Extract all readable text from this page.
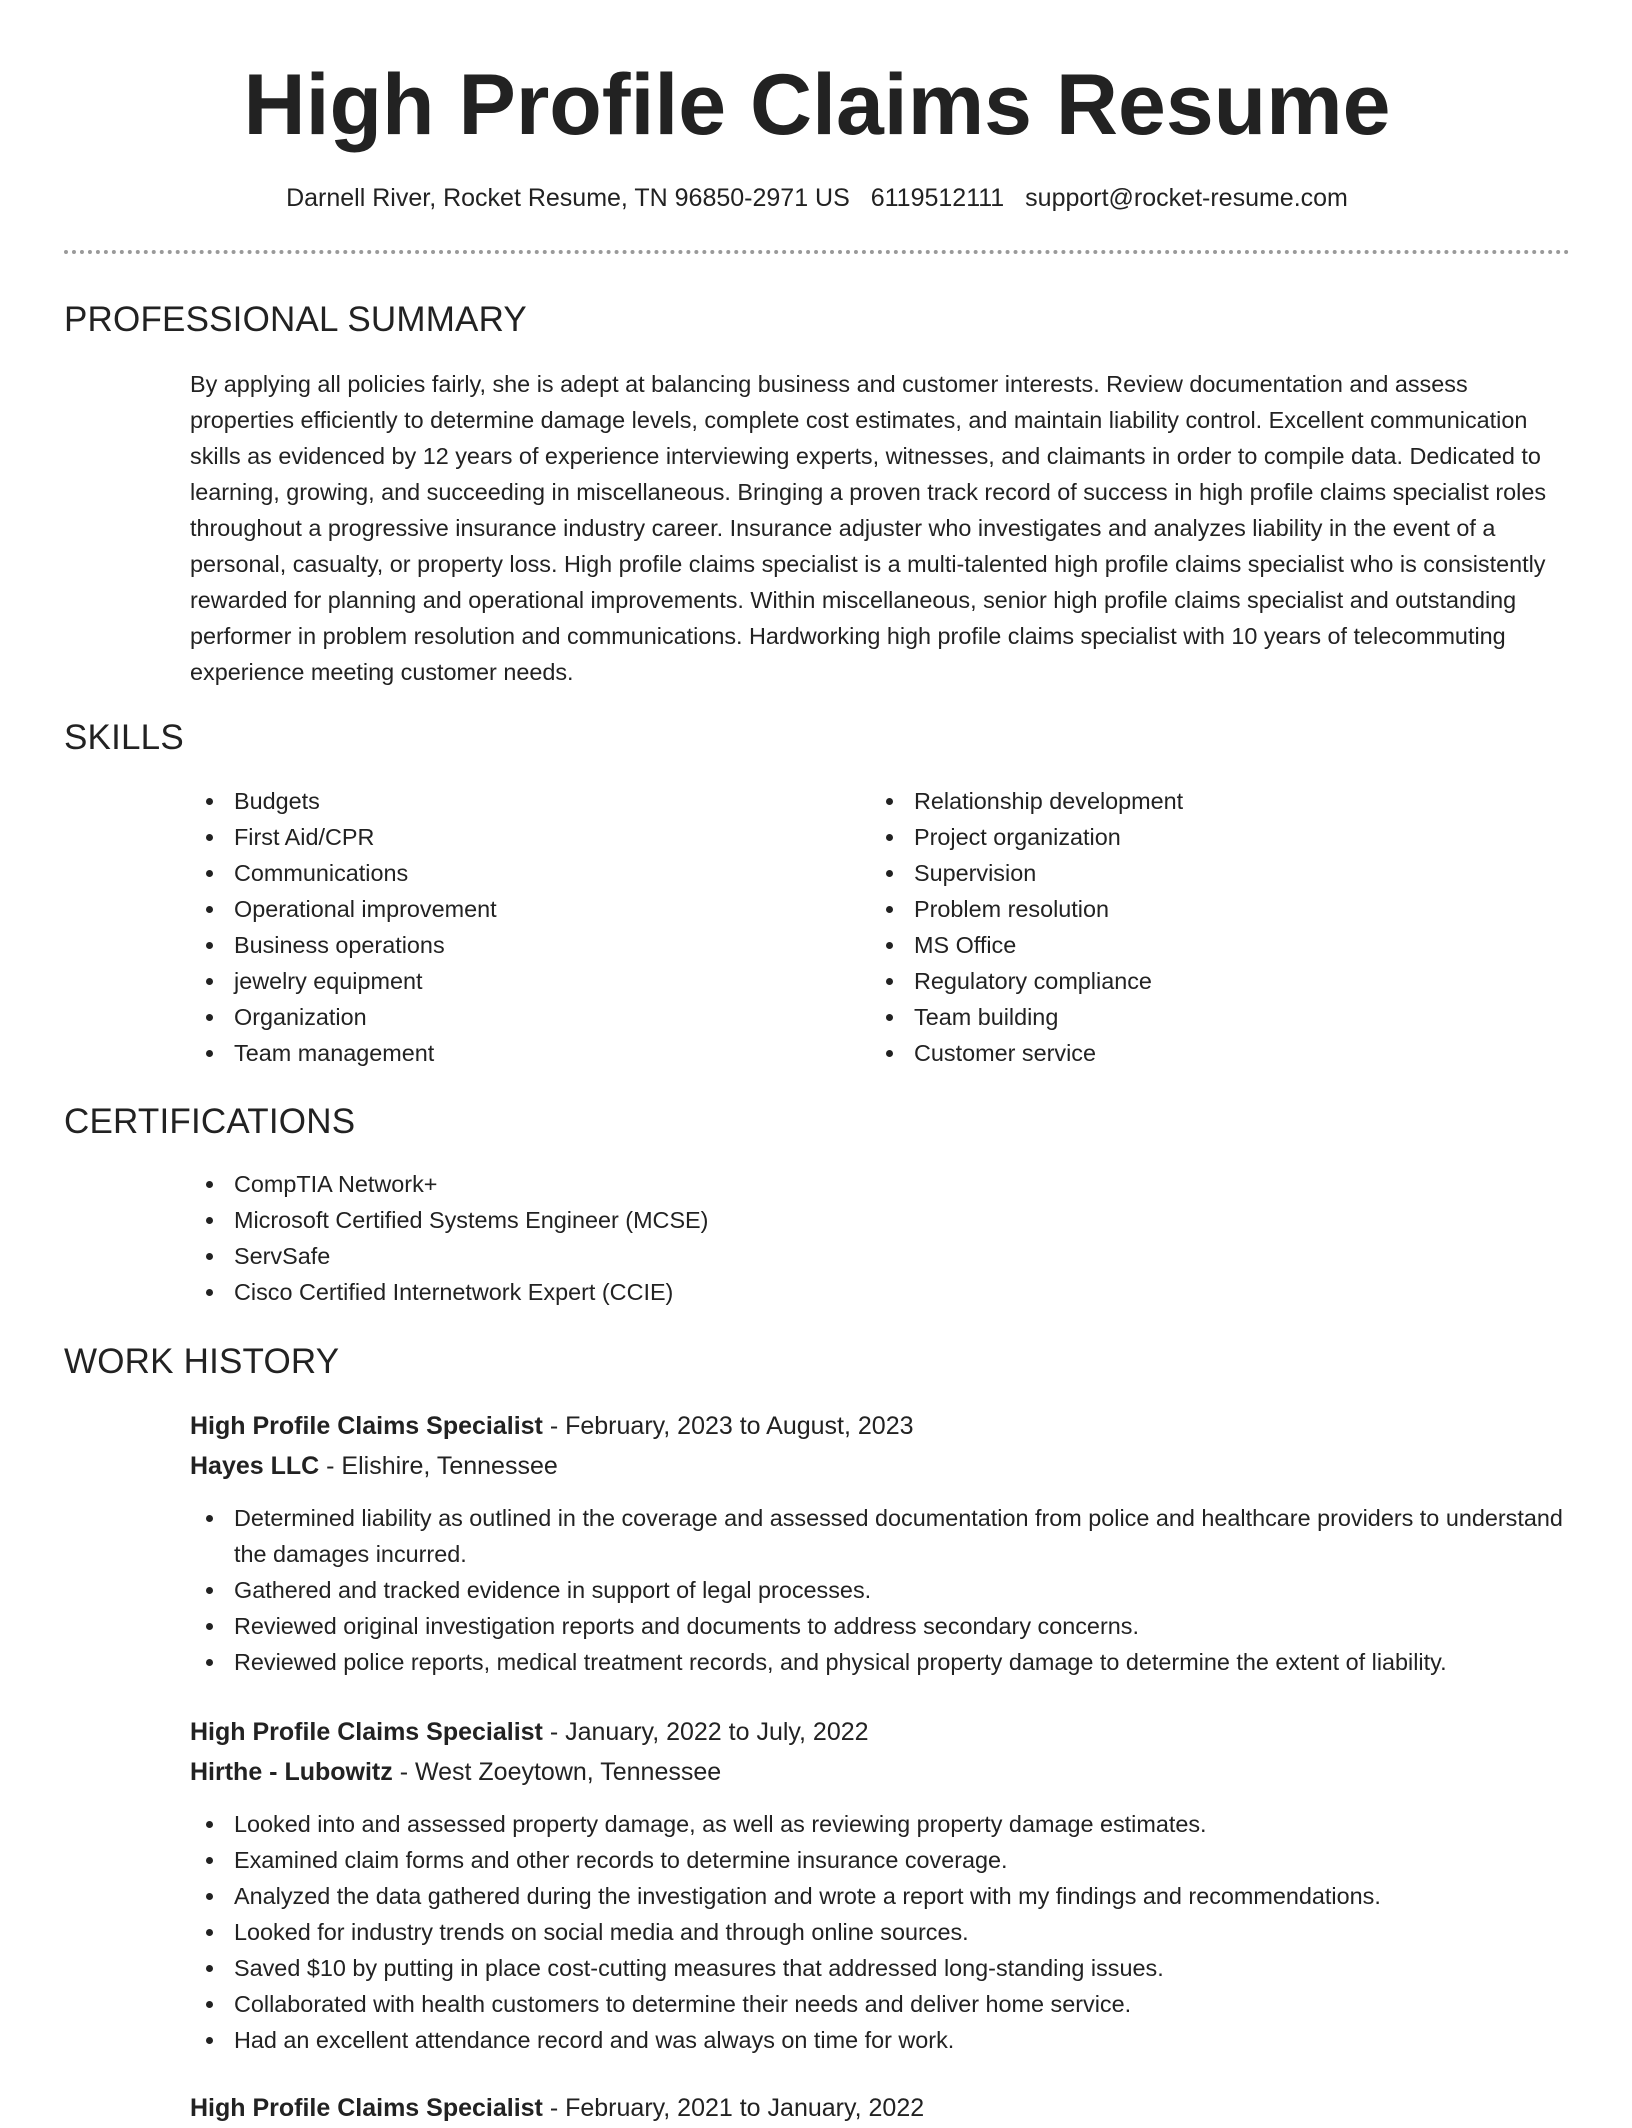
High Profile Claims Resume
Darnell River, Rocket Resume, TN 96850-2971 US 6119512111 support@rocket-resume.com
PROFESSIONAL SUMMARY

By applying all policies fairly, she is adept at balancing business and customer interests. Review documentation and assess properties efficiently to determine damage levels, complete cost estimates, and maintain liability control. Excellent communication skills as evidenced by 12 years of experience interviewing experts, witnesses, and claimants in order to compile data. Dedicated to learning, growing, and succeeding in miscellaneous. Bringing a proven track record of success in high profile claims specialist roles throughout a progressive insurance industry career. Insurance adjuster who investigates and analyzes liability in the event of a personal, casualty, or property loss. High profile claims specialist is a multi-talented high profile claims specialist who is consistently rewarded for planning and operational improvements. Within miscellaneous, senior high profile claims specialist and outstanding performer in problem resolution and communications. Hardworking high profile claims specialist with 10 years of telecommuting experience meeting customer needs.

SKILLS
Budgets
First Aid/CPR
Communications
Operational improvement
Business operations
jewelry equipment
Organization
Team management
Relationship development
Project organization
Supervision
Problem resolution
MS Office
Regulatory compliance
Team building
Customer service
CERTIFICATIONS
CompTIA Network+
Microsoft Certified Systems Engineer (MCSE)
ServSafe
Cisco Certified Internetwork Expert (CCIE)
WORK HISTORY
High Profile Claims Specialist - February, 2023 to August, 2023
Hayes LLC - Elishire, Tennessee
Determined liability as outlined in the coverage and assessed documentation from police and healthcare providers to understand the damages incurred.
Gathered and tracked evidence in support of legal processes.
Reviewed original investigation reports and documents to address secondary concerns.
Reviewed police reports, medical treatment records, and physical property damage to determine the extent of liability.
High Profile Claims Specialist - January, 2022 to July, 2022
Hirthe - Lubowitz - West Zoeytown, Tennessee
Looked into and assessed property damage, as well as reviewing property damage estimates.
Examined claim forms and other records to determine insurance coverage.
Analyzed the data gathered during the investigation and wrote a report with my findings and recommendations.
Looked for industry trends on social media and through online sources.
Saved $10 by putting in place cost-cutting measures that addressed long-standing issues.
Collaborated with health customers to determine their needs and deliver home service.
Had an excellent attendance record and was always on time for work.
High Profile Claims Specialist - February, 2021 to January, 2022
